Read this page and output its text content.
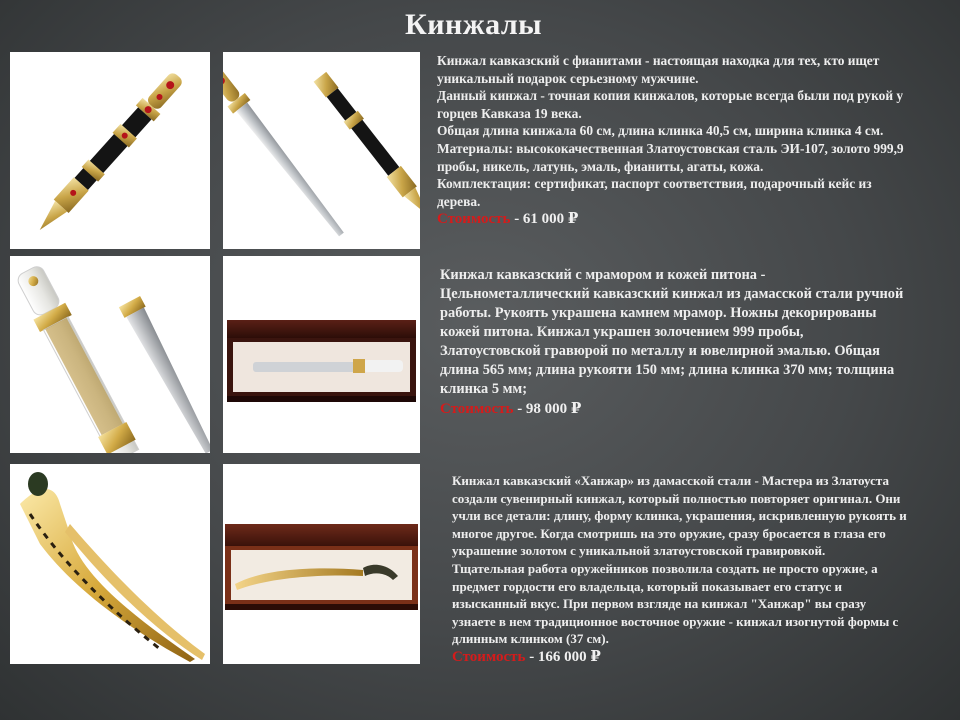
Кинжалы

Кинжал кавказский с фианитами - настоящая находка для тех, кто ищет уникальный подарок серьезному мужчине.

Данный кинжал - точная копия кинжалов, которые всегда были под рукой у горцев Кавказа 19 века.

Общая длина кинжала 60 см, длина клинка 40,5 см, ширина клинка 4 см.

Материалы: высококачественная Златоустовская сталь ЭИ-107, золото 999,9 пробы, никель, латунь, эмаль, фианиты, агаты, кожа.

Комплектация: сертификат, паспорт соответствия, подарочный кейс из дерева.

Стоимость - 61 000 ₽

Кинжал кавказский с мрамором и кожей питона - Цельнометаллический кавказский кинжал из дамасской стали ручной работы. Рукоять украшена камнем мрамор. Ножны декорированы кожей питона. Кинжал украшен золочением 999 пробы, Златоустовской гравюрой по металлу и ювелирной эмалью. Общая длина 565 мм; длина рукояти 150 мм; длина клинка 370 мм; толщина клинка 5 мм;

Стоимость - 98 000 ₽

Кинжал кавказский «Ханжар» из дамасской стали - Мастера из Златоуста создали сувенирный кинжал, который полностью повторяет оригинал. Они учли все детали: длину, форму клинка, украшения, искривленную рукоять и многое другое. Когда смотришь на это оружие, сразу бросается в глаза его украшение золотом с уникальной златоустовской гравировкой.

Тщательная работа оружейников позволила создать не просто оружие, а предмет гордости его владельца, который показывает его статус и изысканный вкус. При первом взгляде на кинжал "Ханжар" вы сразу узнаете в нем традиционное восточное оружие - кинжал изогнутой формы с длинным клинком (37 см).

Стоимость - 166 000 ₽
